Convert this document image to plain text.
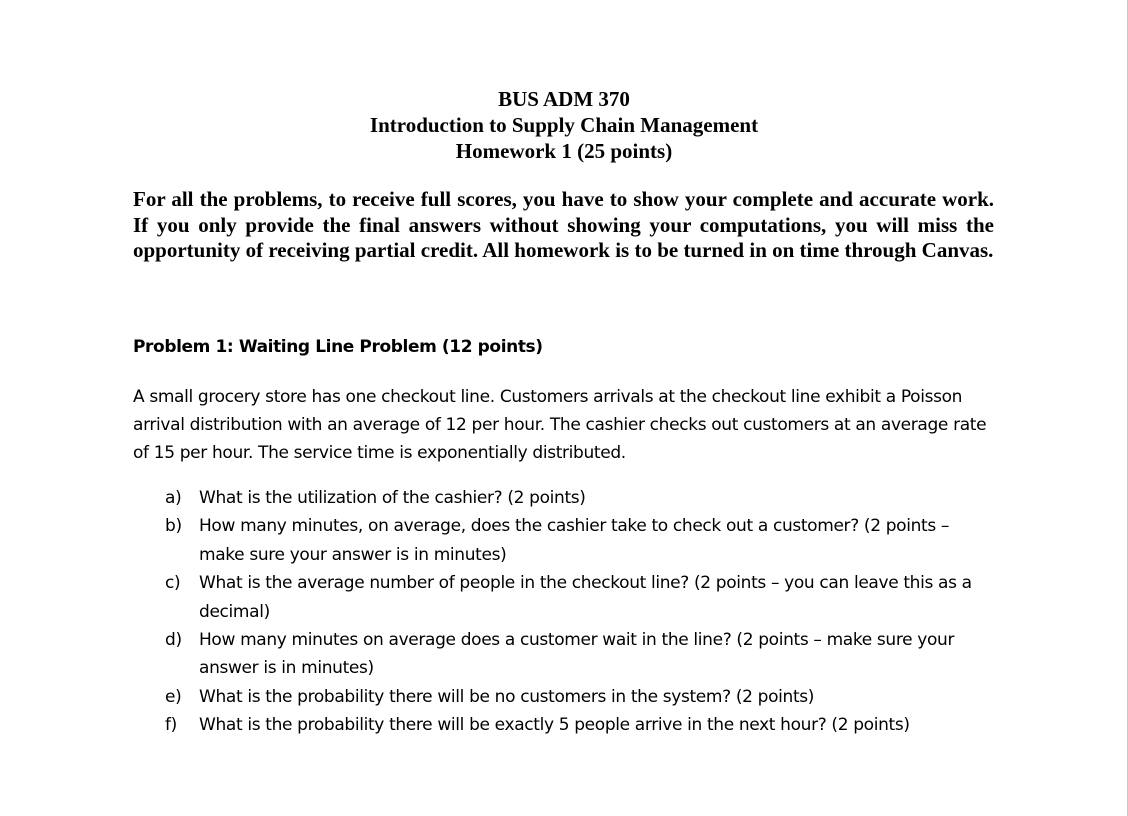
BUS ADM 370
Introduction to Supply Chain Management
Homework 1 (25 points)
For all the problems, to receive full scores, you have to show your complete and accurate work. If you only provide the final answers without showing your computations, you will miss the opportunity of receiving partial credit. All homework is to be turned in on time through Canvas.
Problem 1: Waiting Line Problem (12 points)
A small grocery store has one checkout line. Customers arrivals at the checkout line exhibit a Poisson arrival distribution with an average of 12 per hour. The cashier checks out customers at an average rate of 15 per hour. The service time is exponentially distributed.
a) What is the utilization of the cashier? (2 points)
b) How many minutes, on average, does the cashier take to check out a customer? (2 points – make sure your answer is in minutes)
c) What is the average number of people in the checkout line? (2 points – you can leave this as a decimal)
d) How many minutes on average does a customer wait in the line? (2 points – make sure your answer is in minutes)
e) What is the probability there will be no customers in the system? (2 points)
f) What is the probability there will be exactly 5 people arrive in the next hour? (2 points)
